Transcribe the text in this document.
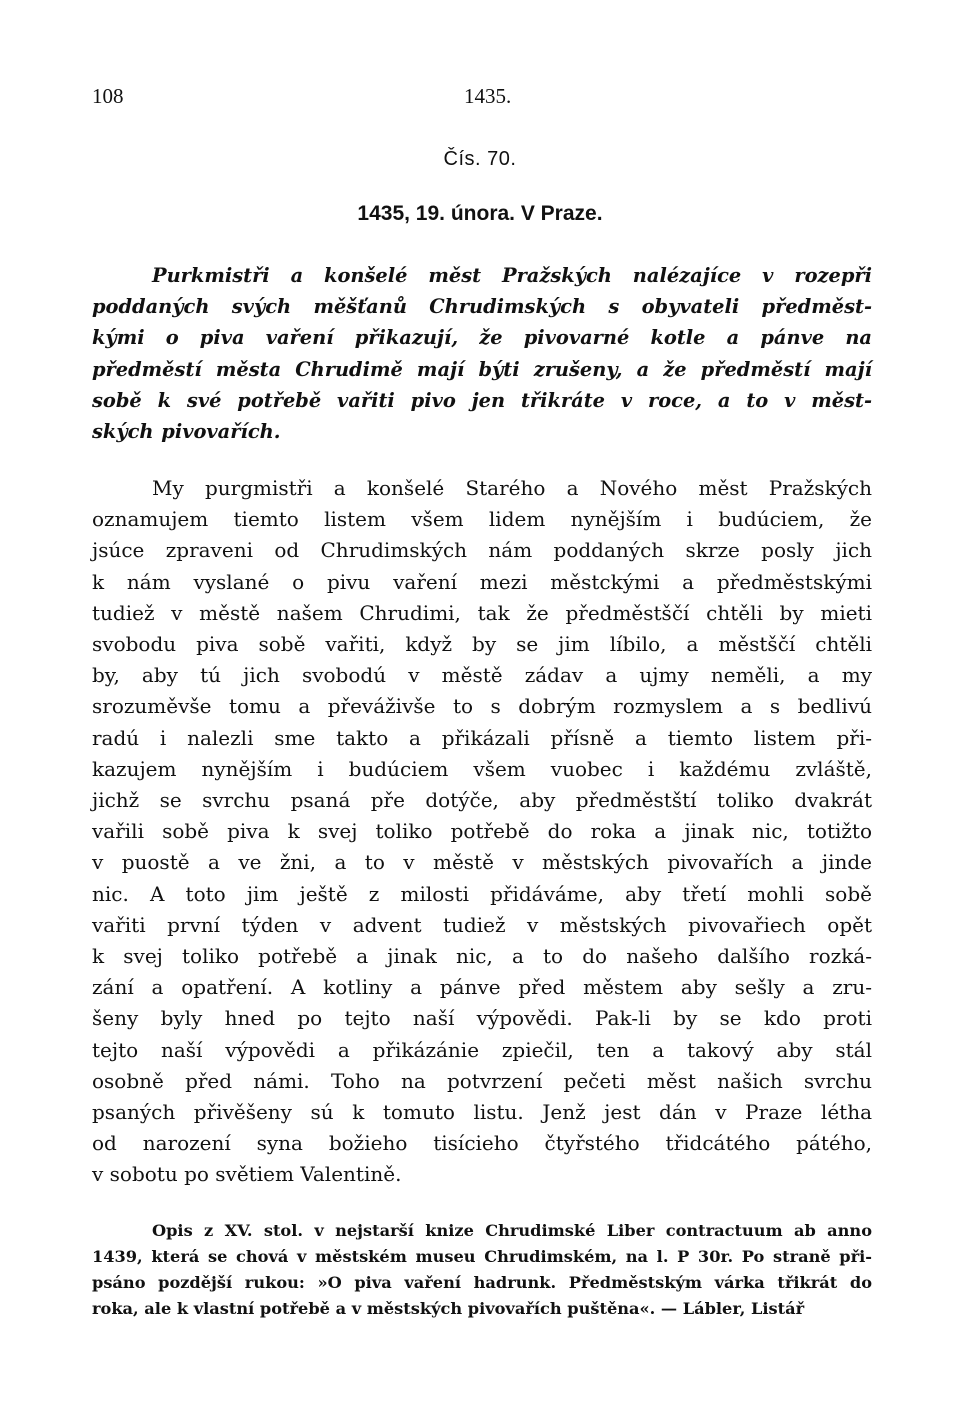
108	1435.
Čís. 70.
1435, 19. února. V Praze.
Purkmistři a konšelé měst Pražských nalézajíce v rozepři
poddaných svých měšťanů Chrudimských s obyvateli předměst-
kými o piva vaření přikazují, že pivovarné kotle a pánve na
předměstí města Chrudimě mají býti zrušeny, a že předměstí mají
sobě k své potřebě vařiti pivo jen třikráte v roce, a to v měst-
ských pivovařích.
My purgmistři a konšelé Starého a Nového měst Pražských
oznamujem tiemto listem všem lidem nynějším i budúciem, že
jsúce zpraveni od Chrudimských nám poddaných skrze posly jich
k nám vyslané o pivu vaření mezi městckými a předměstskými
tudiež v městě našem Chrudimi, tak že předměstščí chtěli by mieti
svobodu piva sobě vařiti, když by se jim líbilo, a městščí chtěli
by, aby tú jich svobodú v městě zádav a ujmy neměli, a my
srozuměvše tomu a převáživše to s dobrým rozmyslem a s bedlivú
radú i nalezli sme takto a přikázali přísně a tiemto listem při-
kazujem nynějším i budúciem všem vuobec i každému zvláště,
jichž se svrchu psaná pře dotýče, aby předměstští toliko dvakrát
vařili sobě piva k svej toliko potřebě do roka a jinak nic, totižto
v puostě a ve žni, a to v městě v městských pivovařích a jinde
nic. A toto jim ještě z milosti přidáváme, aby třetí mohli sobě
vařiti první týden v advent tudiež v městských pivovařiech opět
k svej toliko potřebě a jinak nic, a to do našeho dalšího rozká-
zání a opatření. A kotliny a pánve před městem aby sešly a zru-
šeny byly hned po tejto naší výpovědi. Pak-li by se kdo proti
tejto naší výpovědi a přikázánie zpiečil, ten a takový aby stál
osobně před námi. Toho na potvrzení pečeti měst našich svrchu
psaných přivěšeny sú k tomuto listu. Jenž jest dán v Praze létha
od narození syna božieho tisícieho čtyřstého třidcátého pátého,
v sobotu po světiem Valentině.
Opis z XV. stol. v nejstarší knize Chrudimské Liber contractuum ab anno
1439, která se chová v městském museu Chrudimském, na l. P 30r. Po straně při-
psáno pozdější rukou: »O piva vaření hadrunk. Předměstským várka třikrát do
roka, ale k vlastní potřebě a v městských pivovařích puštěna«. — Lábler, Listář
